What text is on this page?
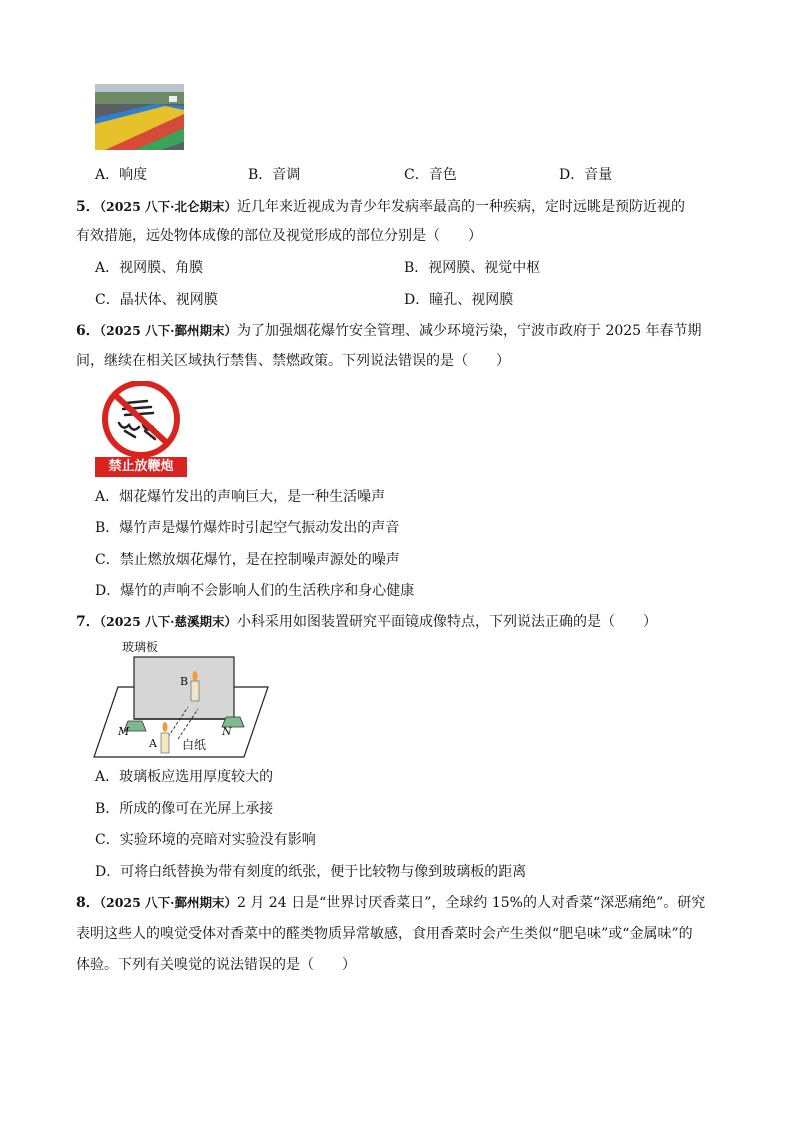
A．响度	B．音调	C．音色	D．音量
5．（2025 八下·北仑期末）近几年来近视成为青少年发病率最高的一种疾病，定时远眺是预防近视的
有效措施，远处物体成像的部位及视觉形成的部位分别是（　　）
A．视网膜、角膜	B．视网膜、视觉中枢
C．晶状体、视网膜	D．瞳孔、视网膜
6．（2025 八下·鄞州期末）为了加强烟花爆竹安全管理、减少环境污染，宁波市政府于 2025 年春节期
间，继续在相关区域执行禁售、禁燃政策。下列说法错误的是（　　）
禁止放鞭炮
A．烟花爆竹发出的声响巨大，是一种生活噪声
B．爆竹声是爆竹爆炸时引起空气振动发出的声音
C．禁止燃放烟花爆竹，是在控制噪声源处的噪声
D．爆竹的声响不会影响人们的生活秩序和身心健康
7．（2025 八下·慈溪期末）小科采用如图装置研究平面镜成像特点，下列说法正确的是（　　）
玻璃板
B
A
M	N
白纸
A．玻璃板应选用厚度较大的
B．所成的像可在光屏上承接
C．实验环境的亮暗对实验没有影响
D．可将白纸替换为带有刻度的纸张，便于比较物与像到玻璃板的距离
8．（2025 八下·鄞州期末）2 月 24 日是“世界讨厌香菜日”，全球约 15%的人对香菜“深恶痛绝”。研究
表明这些人的嗅觉受体对香菜中的醛类物质异常敏感，食用香菜时会产生类似“肥皂味”或“金属味”的
体验。下列有关嗅觉的说法错误的是（　　）
